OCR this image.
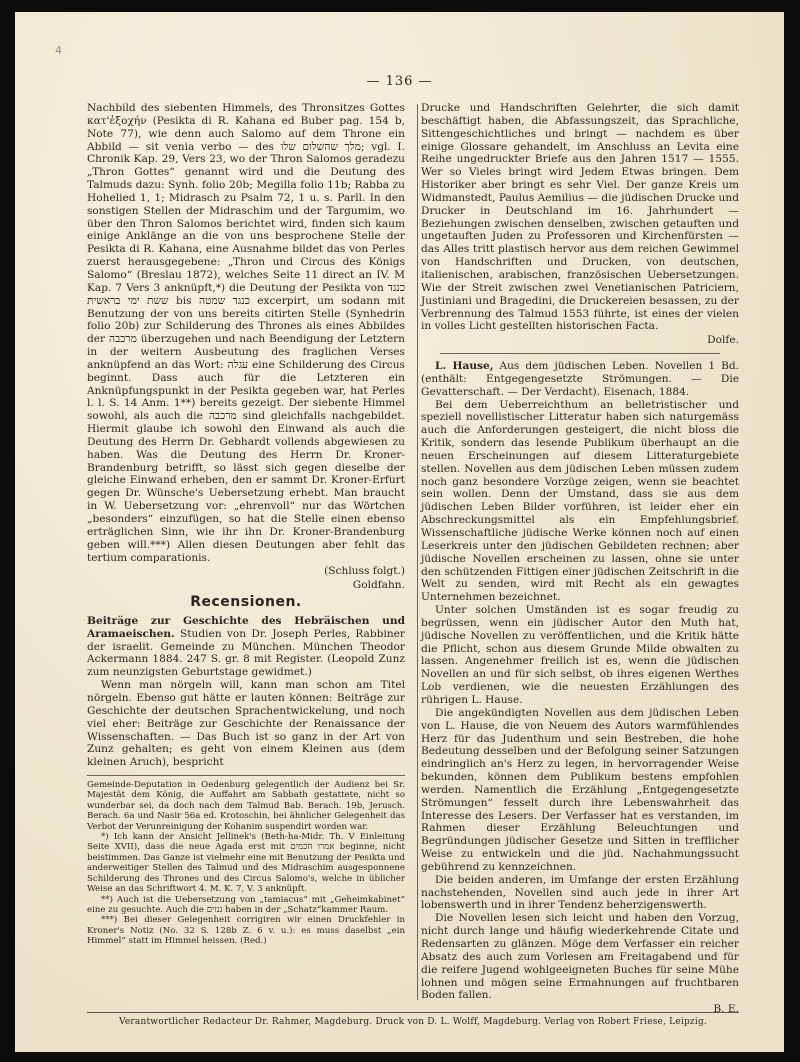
4
— 136 —

Nachbild des siebenten Himmels, des Thronsitzes Gottes κατ'ἐξοχήν (Pesikta di R. Kahana ed Buber pag. 154 b, Note 77), wie denn auch Salomo auf dem Throne ein Abbild — sit venia verbo — des מלך שהשלום שלו; vgl. I. Chronik Kap. 29, Vers 23, wo der Thron Salomos geradezu „Thron Gottes“ genannt wird und die Deutung des Talmuds dazu: Synh. folio 20b; Megilla folio 11b; Rabba zu Hohelied 1, 1; Midrasch zu Psalm 72, 1 u. s. Parll. In den sonstigen Stellen der Midraschim und der Targumim, wo über den Thron Salomos berichtet wird, finden sich kaum einige Anklänge an die von uns besprochene Stelle der Pesikta di R. Kahana, eine Ausnahme bildet das von Perles zuerst herausgegebene: „Thron und Circus des Königs Salomo“ (Breslau 1872), welches Seite 11 direct an IV. M Kap. 7 Vers 3 anknüpft,*) die Deutung der Pesikta von כנגד ששת ימי בראשית bis כנגד שמטה excerpirt, um sodann mit Benutzung der von uns bereits citirten Stelle (Synhedrin folio 20b) zur Schilderung des Thrones als eines Abbildes der מרכבה überzugehen und nach Beendigung der Letztern in der weitern Ausbeutung des fraglichen Verses anknüpfend an das Wort: עגלה eine Schilderung des Circus beginnt. Dass auch für die Letzteren ein Anknüpfungspunkt in der Pesikta gegeben war, hat Perles l. l. S. 14 Anm. 1**) bereits gezeigt. Der siebente Himmel sowohl, als auch die מרכבה sind gleichfalls nachgebildet. Hiermit glaube ich sowohl den Einwand als auch die Deutung des Herrn Dr. Gebhardt vollends abgewiesen zu haben. Was die Deutung des Herrn Dr. Kroner-Brandenburg betrifft, so lässt sich gegen dieselbe der gleiche Einwand erheben, den er sammt Dr. Kroner-Erfurt gegen Dr. Wünsche's Uebersetzung erhebt. Man braucht in W. Uebersetzung vor: „ehrenvoll“ nur das Wörtchen „besonders“ einzufügen, so hat die Stelle einen ebenso erträglichen Sinn, wie ihr ihn Dr. Kroner-Brandenburg geben will.***) Allen diesen Deutungen aber fehlt das tertium comparationis.

(Schluss folgt.)

Goldfahn.

Recensionen.

Beiträge zur Geschichte des Hebräischen und Aramaeischen. Studien von Dr. Joseph Perles, Rabbiner der israelit. Gemeinde zu München. München Theodor Ackermann 1884. 247 S. gr. 8 mit Register. (Leopold Zunz zum neunzigsten Geburtstage gewidmet.)

Wenn man nörgeln will, kann man schon am Titel nörgeln. Ebenso gut hätte er lauten können: Beiträge zur Geschichte der deutschen Sprachentwickelung, und noch viel eher: Beiträge zur Geschichte der Renaissance der Wissenschaften. — Das Buch ist so ganz in der Art von Zunz gehalten; es geht von einem Kleinen aus (dem kleinen Aruch), bespricht

Gemeinde-Deputation in Oedenburg gelegentlich der Audienz bei Sr. Majestät dem König, die Auffahrt am Sabbath gestattete, nicht so wunderbar sei, da doch nach dem Talmud Bab. Berach. 19b, Jerusch. Berach. 6a und Nasir 56a ed. Krotoschin, bei ähnlicher Gelegenheit das Verbot der Verunreinigung der Kohanim suspendirt worden war.

*) Ich kann der Ansicht Jellinek's (Beth-ha-Midr. Th. V Einleitung Seite XVII), dass die neue Agada erst mit אמרו חכמים beginne, nicht beistimmen. Das Ganze ist vielmehr eine mit Benutzung der Pesikta und anderweitiger Stellen des Talmud und des Midraschim ausgesponnene Schilderung des Thrones und des Circus Salomo's, welche in üblicher Weise an das Schriftwort 4. M. K. 7, V. 3 anknüpft.

**) Auch ist die Uebersetzung von „tamiacus“ mit „Geheimkabinet“ eine zu gesuchte. Auch die גנזים haben in der „Schatz“kammer Raum.

***) Bei dieser Gelegenheit corrigiren wir einen Druckfehler in Kroner's Notiz (No. 32 S. 128b Z. 6 v. u.): es muss daselbst „ein Himmel“ statt im Himmel heissen. (Red.)

Drucke und Handschriften Gelehrter, die sich damit beschäftigt haben, die Abfassungszeit, das Sprachliche, Sittengeschichtliches und bringt — nachdem es über einige Glossare gehandelt, im Anschluss an Levita eine Reihe ungedruckter Briefe aus den Jahren 1517 — 1555. Wer so Vieles bringt wird Jedem Etwas bringen. Dem Historiker aber bringt es sehr Viel. Der ganze Kreis um Widmanstedt, Paulus Aemilius — die jüdischen Drucke und Drucker in Deutschland im 16. Jahrhundert — Beziehungen zwischen denselben, zwischen getauften und ungetauften Juden zu Professoren und Kirchenfürsten — das Alles tritt plastisch hervor aus dem reichen Gewimmel von Handschriften und Drucken, von deutschen, italienischen, arabischen, französischen Uebersetzungen. Wie der Streit zwischen zwei Venetianischen Patriciern, Justiniani und Bragedini, die Druckereien besassen, zu der Verbrennung des Talmud 1553 führte, ist eines der vielen in volles Licht gestellten historischen Facta.

Dolfe.

L. Hause, Aus dem jüdischen Leben. Novellen 1 Bd. (enthält: Entgegengesetzte Strömungen. — Die Gevatterschaft. — Der Verdacht). Eisenach, 1884.

Bei dem Ueberreichthum an belletristischer und speziell novellistischer Litteratur haben sich naturgemäss auch die Anforderungen gesteigert, die nicht bloss die Kritik, sondern das lesende Publikum überhaupt an die neuen Erscheinungen auf diesem Litteraturgebiete stellen. Novellen aus dem jüdischen Leben müssen zudem noch ganz besondere Vorzüge zeigen, wenn sie beachtet sein wollen. Denn der Umstand, dass sie aus dem jüdischen Leben Bilder vorführen, ist leider eher ein Abschreckungsmittel als ein Empfehlungsbrief. Wissenschaftliche jüdische Werke können noch auf einen Leserkreis unter den jüdischen Gebildeten rechnen; aber jüdische Novellen erscheinen zu lassen, ohne sie unter den schützenden Fittigen einer jüdischen Zeitschrift in die Welt zu senden, wird mit Recht als ein gewagtes Unternehmen bezeichnet.

Unter solchen Umständen ist es sogar freudig zu begrüssen, wenn ein jüdischer Autor den Muth hat, jüdische Novellen zu veröffentlichen, und die Kritik hätte die Pflicht, schon aus diesem Grunde Milde obwalten zu lassen. Angenehmer freilich ist es, wenn die jüdischen Novellen an und für sich selbst, ob ihres eigenen Werthes Lob verdienen, wie die neuesten Erzählungen des rührigen L. Hause.

Die angekündigten Novellen aus dem jüdischen Leben von L. Hause, die von Neuem des Autors warmfühlendes Herz für das Judenthum und sein Bestreben, die hohe Bedeutung desselben und der Befolgung seiner Satzungen eindringlich an's Herz zu legen, in hervorragender Weise bekunden, können dem Publikum bestens empfohlen werden. Namentlich die Erzählung „Entgegengesetzte Strömungen“ fesselt durch ihre Lebenswahrheit das Interesse des Lesers. Der Verfasser hat es verstanden, im Rahmen dieser Erzählung Beleuchtungen und Begründungen jüdischer Gesetze und Sitten in trefflicher Weise zu entwickeln und die jüd. Nachahmungssucht gebührend zu kennzeichnen.

Die beiden anderen, im Umfange der ersten Erzählung nachstehenden, Novellen sind auch jede in ihrer Art lobenswerth und in ihrer Tendenz beherzigenswerth.

Die Novellen lesen sich leicht und haben den Vorzug, nicht durch lange und häufig wiederkehrende Citate und Redensarten zu glänzen. Möge dem Verfasser ein reicher Absatz des auch zum Vorlesen am Freitagabend und für die reifere Jugend wohlgeeigneten Buches für seine Mühe lohnen und mögen seine Ermahnungen auf fruchtbaren Boden fallen.

B. E.

Verantwortlicher Redacteur Dr. Rahmer, Magdeburg. Druck von D. L. Wolff, Magdeburg. Verlag von Robert Friese, Leipzig.
